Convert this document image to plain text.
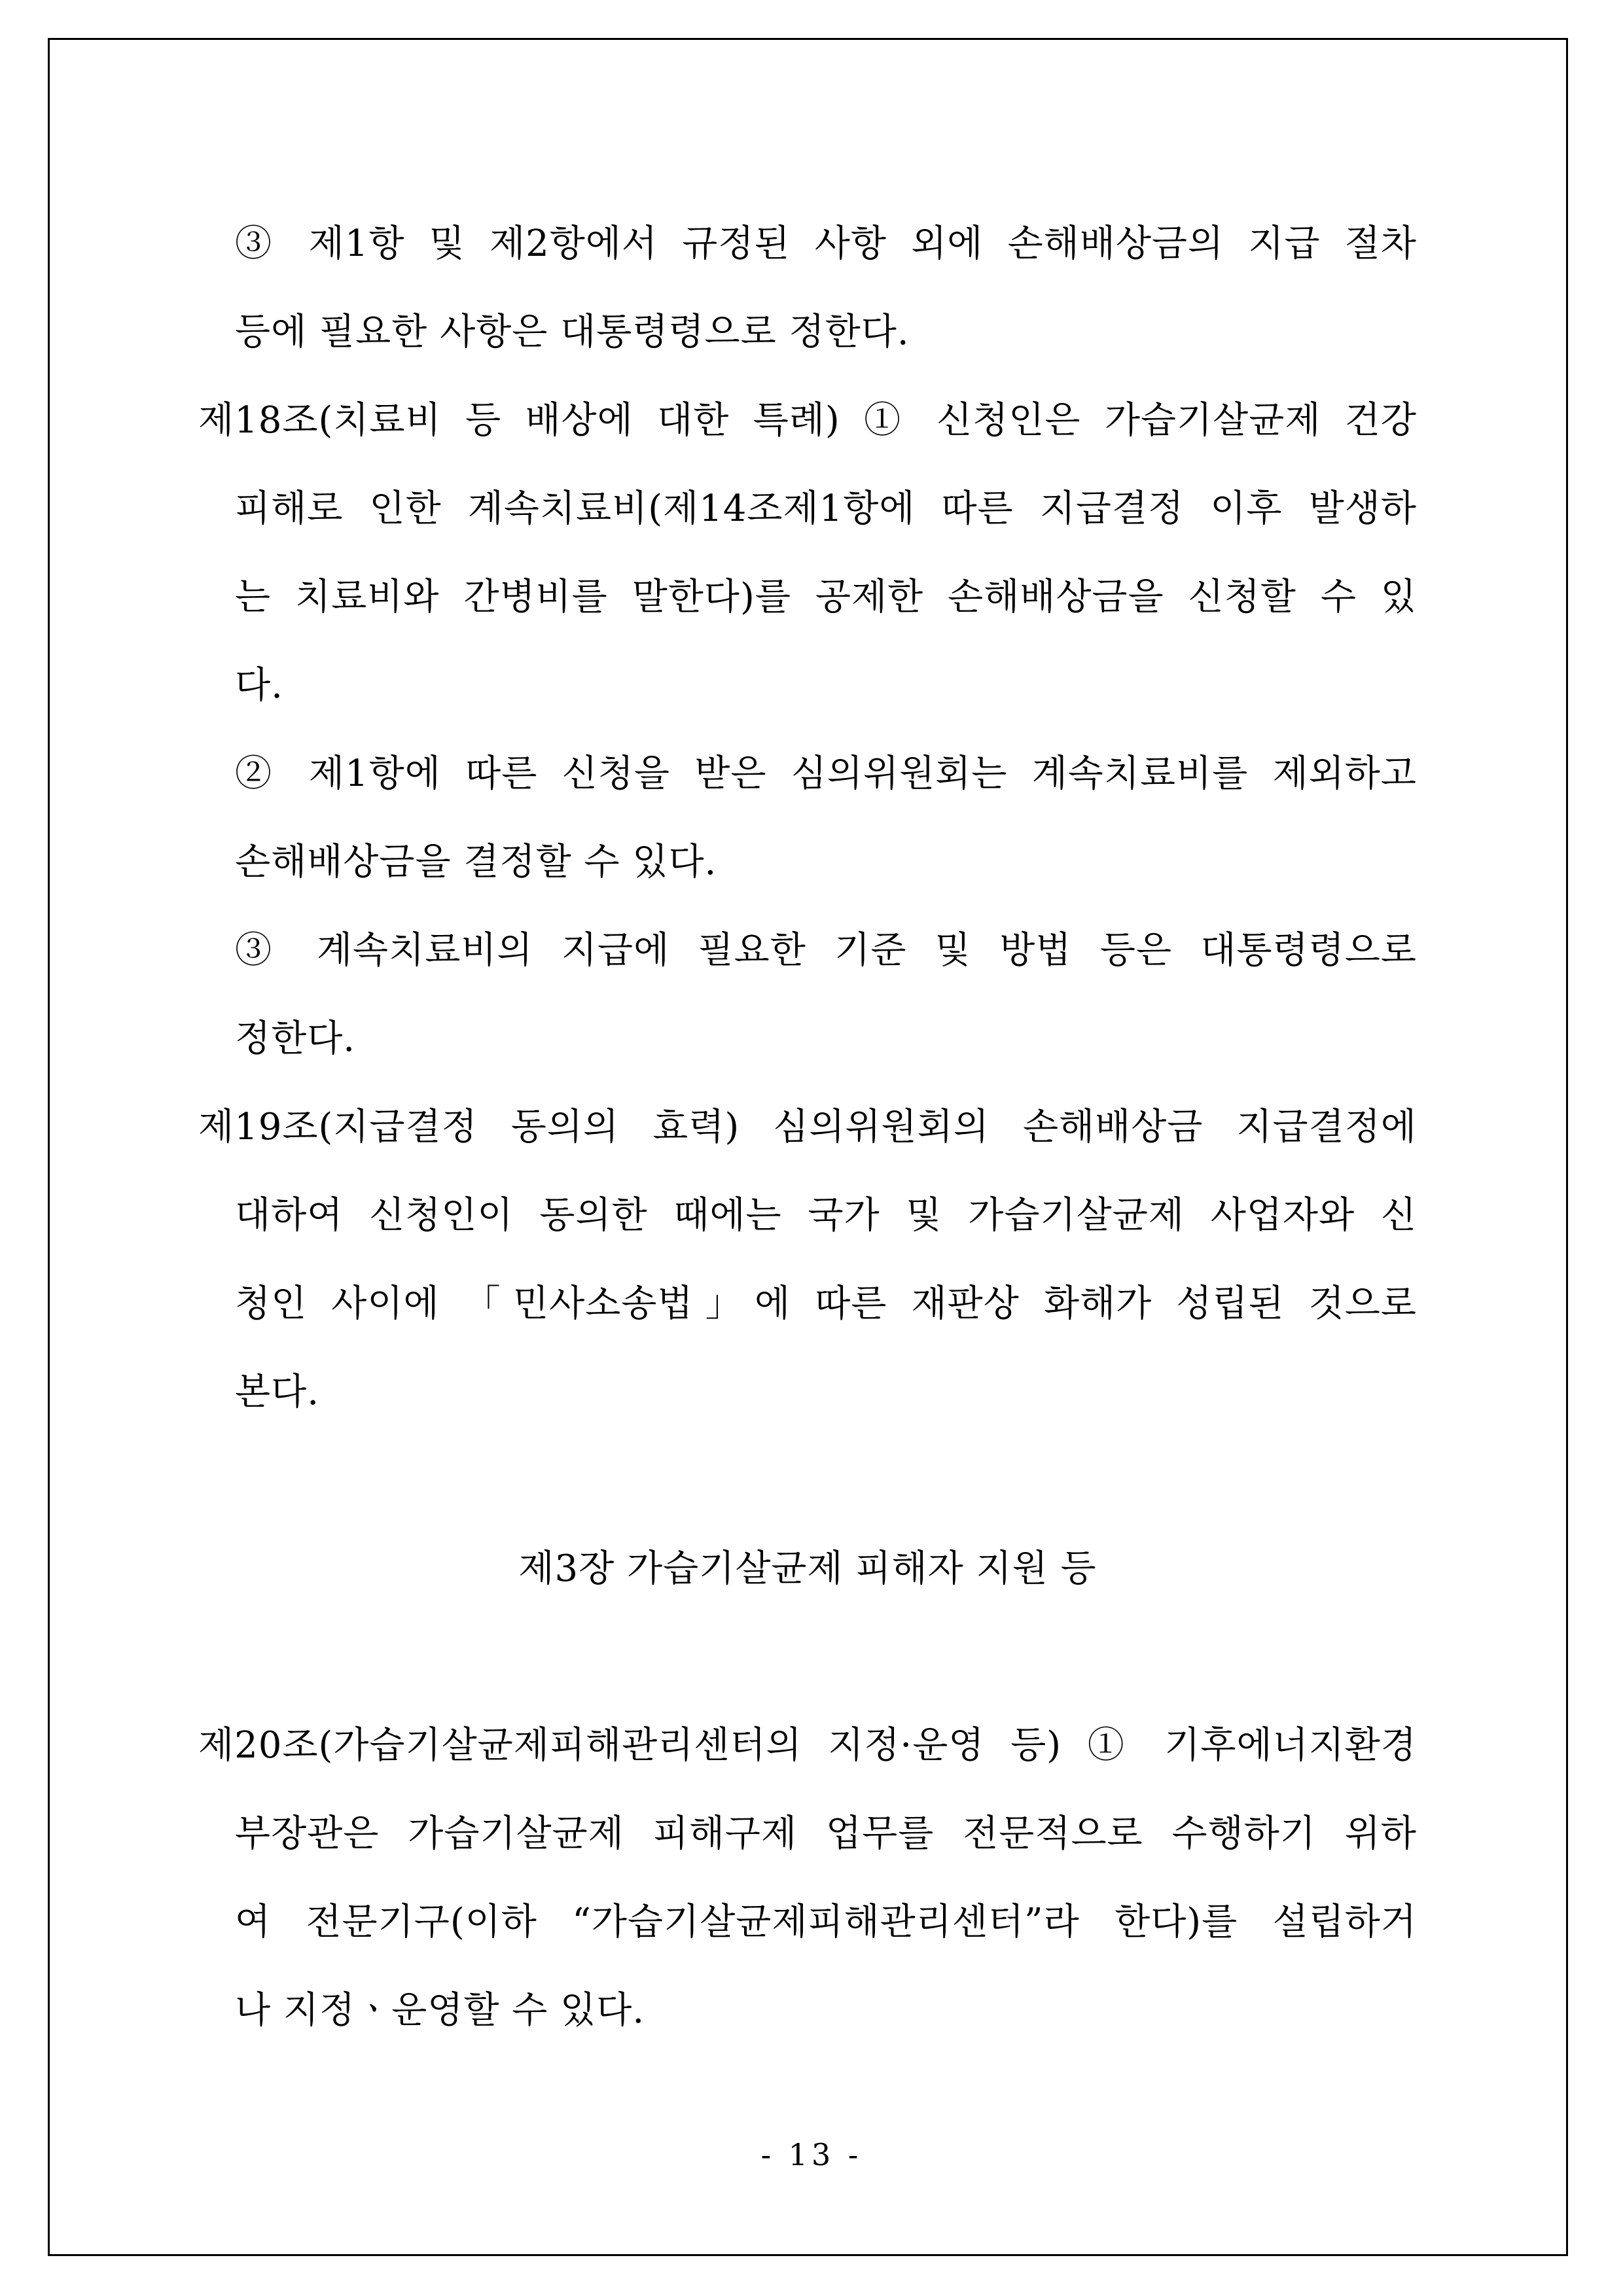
③ 제1항 및 제2항에서 규정된 사항 외에 손해배상금의 지급 절차
등에 필요한 사항은 대통령령으로 정한다.
제18조(치료비 등 배상에 대한 특례) ① 신청인은 가습기살균제 건강
피해로 인한 계속치료비(제14조제1항에 따른 지급결정 이후 발생하
는 치료비와 간병비를 말한다)를 공제한 손해배상금을 신청할 수 있
다.
② 제1항에 따른 신청을 받은 심의위원회는 계속치료비를 제외하고
손해배상금을 결정할 수 있다.
③ 계속치료비의 지급에 필요한 기준 및 방법 등은 대통령령으로
정한다.
제19조(지급결정 동의의 효력) 심의위원회의 손해배상금 지급결정에
대하여 신청인이 동의한 때에는 국가 및 가습기살균제 사업자와 신
청인 사이에 「민사소송법」에 따른 재판상 화해가 성립된 것으로
본다.
제3장 가습기살균제 피해자 지원 등
제20조(가습기살균제피해관리센터의 지정·운영 등) ① 기후에너지환경
부장관은 가습기살균제 피해구제 업무를 전문적으로 수행하기 위하
여 전문기구(이하 “가습기살균제피해관리센터”라 한다)를 설립하거
나 지정ㆍ운영할 수 있다.
- 13 -
